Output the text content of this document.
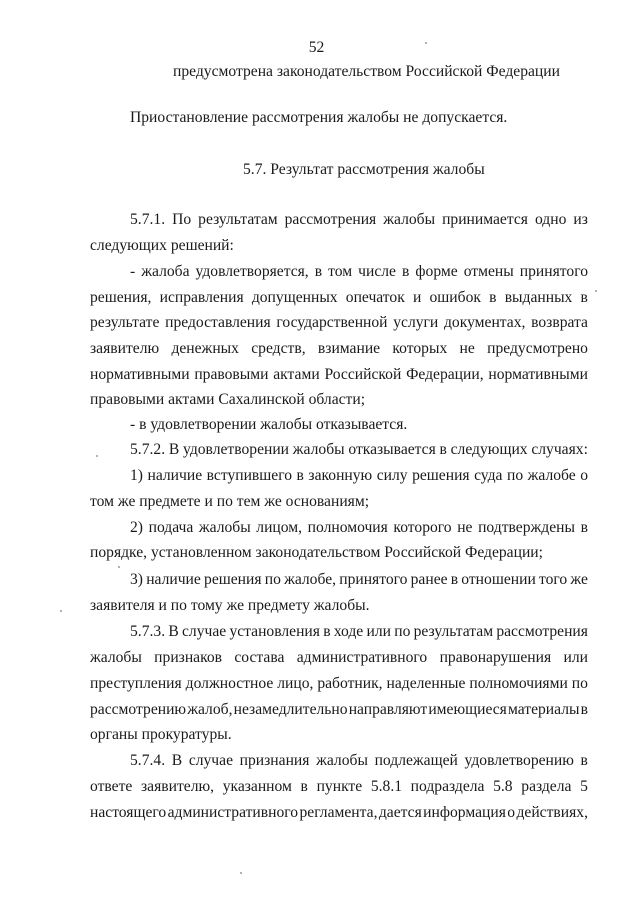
52

предусмотрена законодательством Российской Федерации

Приостановление рассмотрения жалобы не допускается.

5.7. Результат рассмотрения жалобы

5.7.1. По результатам рассмотрения жалобы принимается одно из

следующих решений:

- жалоба удовлетворяется, в том числе в форме отмены принятого

решения, исправления допущенных опечаток и ошибок в выданных в

результате предоставления государственной услуги документах, возврата

заявителю денежных средств, взимание которых не предусмотрено

нормативными правовыми актами Российской Федерации, нормативными

правовыми актами Сахалинской области;

- в удовлетворении жалобы отказывается.

5.7.2. В удовлетворении жалобы отказывается в следующих случаях:

1) наличие вступившего в законную силу решения суда по жалобе о

том же предмете и по тем же основаниям;

2) подача жалобы лицом, полномочия которого не подтверждены в

порядке, установленном законодательством Российской Федерации;

3) наличие решения по жалобе, принятого ранее в отношении того же

заявителя и по тому же предмету жалобы.

5.7.3. В случае установления в ходе или по результатам рассмотрения

жалобы признаков состава административного правонарушения или

преступления должностное лицо, работник, наделенные полномочиями по

рассмотрению жалоб, незамедлительно направляют имеющиеся материалы в

органы прокуратуры.

5.7.4. В случае признания жалобы подлежащей удовлетворению в

ответе заявителю, указанном в пункте 5.8.1 подраздела 5.8 раздела 5

настоящего административного регламента, дается информация о действиях,
